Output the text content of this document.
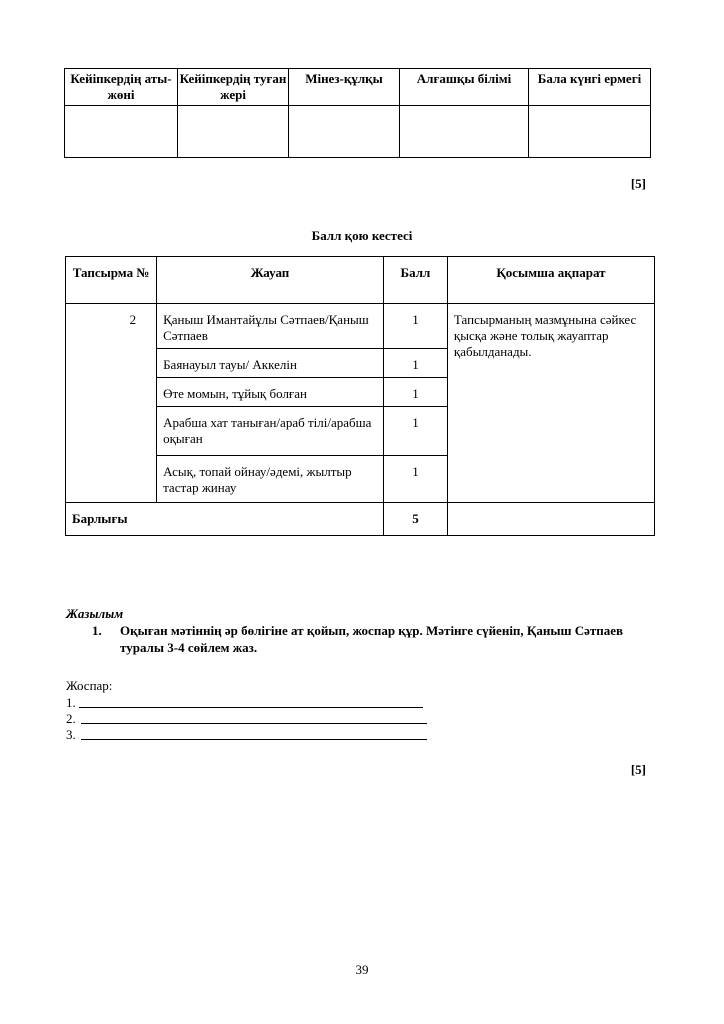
Кейіпкердің аты-жөні	Кейіпкердің туған жері	Мінез-құлқы	Алғашқы білімі	Бала күнгі ермегі

[5]
Балл қою кестесі
Тапсырма №	Жауап	Балл	Қосымша ақпарат
2	Қаныш Имантайұлы Сәтпаев/Қаныш Сәтпаев	1	Тапсырманың мазмұнына сәйкес қысқа және толық жауаптар қабылданады.
	Баянауыл тауы/ Аккелін	1	
	Өте момын, тұйық болған	1	
	Арабша хат таныған/араб тілі/арабша оқыған	1	
	Асық, топай ойнау/әдемі, жылтыр тастар жинау	1	
Барлығы		5	
Жазылым
1. Оқыған мәтіннің әр бөлігіне ат қойып, жоспар құр. Мәтінге сүйеніп, Қаныш Сәтпаев туралы 3-4 сөйлем жаз.
Жоспар:
1.
2.
3.
[5]
39
